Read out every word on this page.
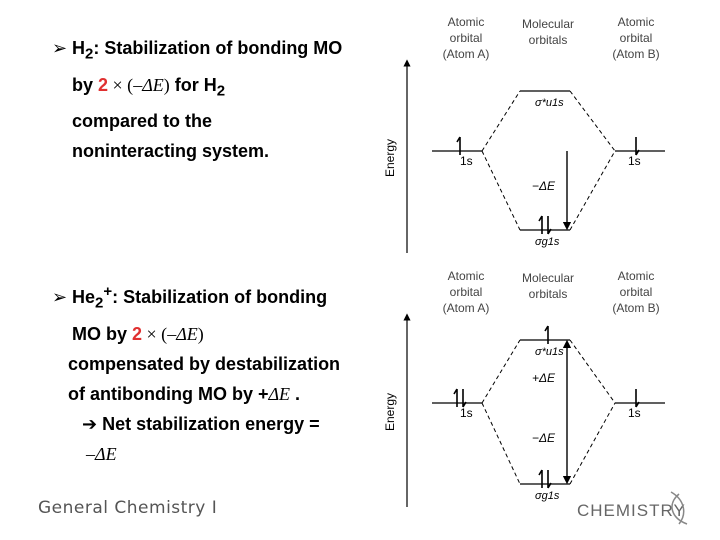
➢ $H_2$: Stabilization of bonding MO
by 2 × (–ΔE) for $H_2$
compared to the
noninteracting system.
➢ $He_2^+$: Stabilization of bonding
MO by 2 × (–ΔE)
compensated by destabilization
of antibonding MO by +ΔE .
➔ Net stabilization energy =
–ΔE
Atomic
orbital
(Atom A)
Molecular
orbitals
Atomic
orbital
(Atom B)
Energy	1s	1s
σ*u1s
σg1s
−ΔE
Atomic
orbital
(Atom A)
Molecular
orbitals
Atomic
orbital
(Atom B)
Energy	1s	1s
σ*u1s
σg1s
+ΔE
−ΔE
General Chemistry I	CHEMISTRY
